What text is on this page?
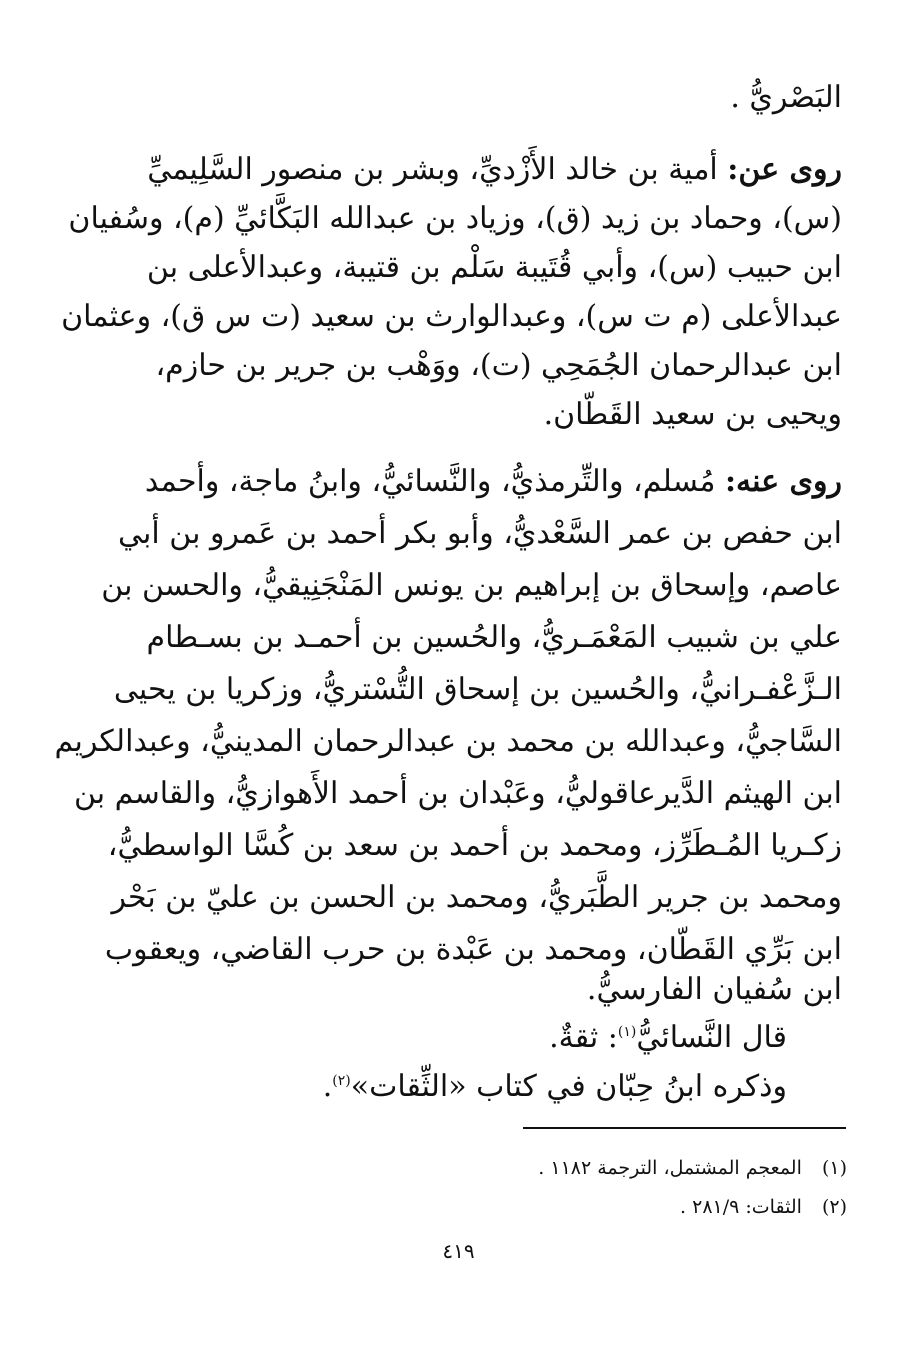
البَصْريُّ .
روى عن: أمية بن خالد الأَزْديِّ، وبشر بن منصور السَّلِيميِّ
(س)، وحماد بن زيد (ق)، وزياد بن عبدالله البَكَّائيِّ (م)، وسُفيان
ابن حبيب (س)، وأبي قُتَيبة سَلْم بن قتيبة، وعبدالأعلى بن
عبدالأعلى (م ت س)، وعبدالوارث بن سعيد (ت س ق)، وعثمان
ابن عبدالرحمان الجُمَحِي (ت)، ووَهْب بن جرير بن حازم،
ويحيى بن سعيد القَطّان.
روى عنه: مُسلم، والتِّرمذيُّ، والنَّسائيُّ، وابنُ ماجة، وأحمد
ابن حفص بن عمر السَّعْديُّ، وأبو بكر أحمد بن عَمرو بن أبي
عاصم، وإسحاق بن إبراهيم بن يونس المَنْجَنِيقيُّ، والحسن بن
علي بن شبيب المَعْمَـريُّ، والحُسين بن أحمـد بن بسـطام
الـزَّعْفـرانيُّ، والحُسين بن إسحاق التُّسْتريُّ، وزكريا بن يحيى
السَّاجيُّ، وعبدالله بن محمد بن عبدالرحمان المدينيُّ، وعبدالكريم
ابن الهيثم الدَّيرعاقوليُّ، وعَبْدان بن أحمد الأَهوازيُّ، والقاسم بن
زكـريا المُـطَرِّز، ومحمد بن أحمد بن سعد بن كُسَّا الواسطيُّ،
ومحمد بن جرير الطَّبَريُّ، ومحمد بن الحسن بن عليّ بن بَحْر
ابن بَرِّي القَطّان، ومحمد بن عَبْدة بن حرب القاضي، ويعقوب
ابن سُفيان الفارسيُّ.
قال النَّسائيُّ$^{(١)}$: ثقةٌ.
وذكره ابنُ حِبّان في كتاب «الثِّقات»$^{(٢)}$.
(١) المعجم المشتمل، الترجمة ١١٨٢ .
(٢) الثقات: ٢٨١/٩ .
٤١٩
